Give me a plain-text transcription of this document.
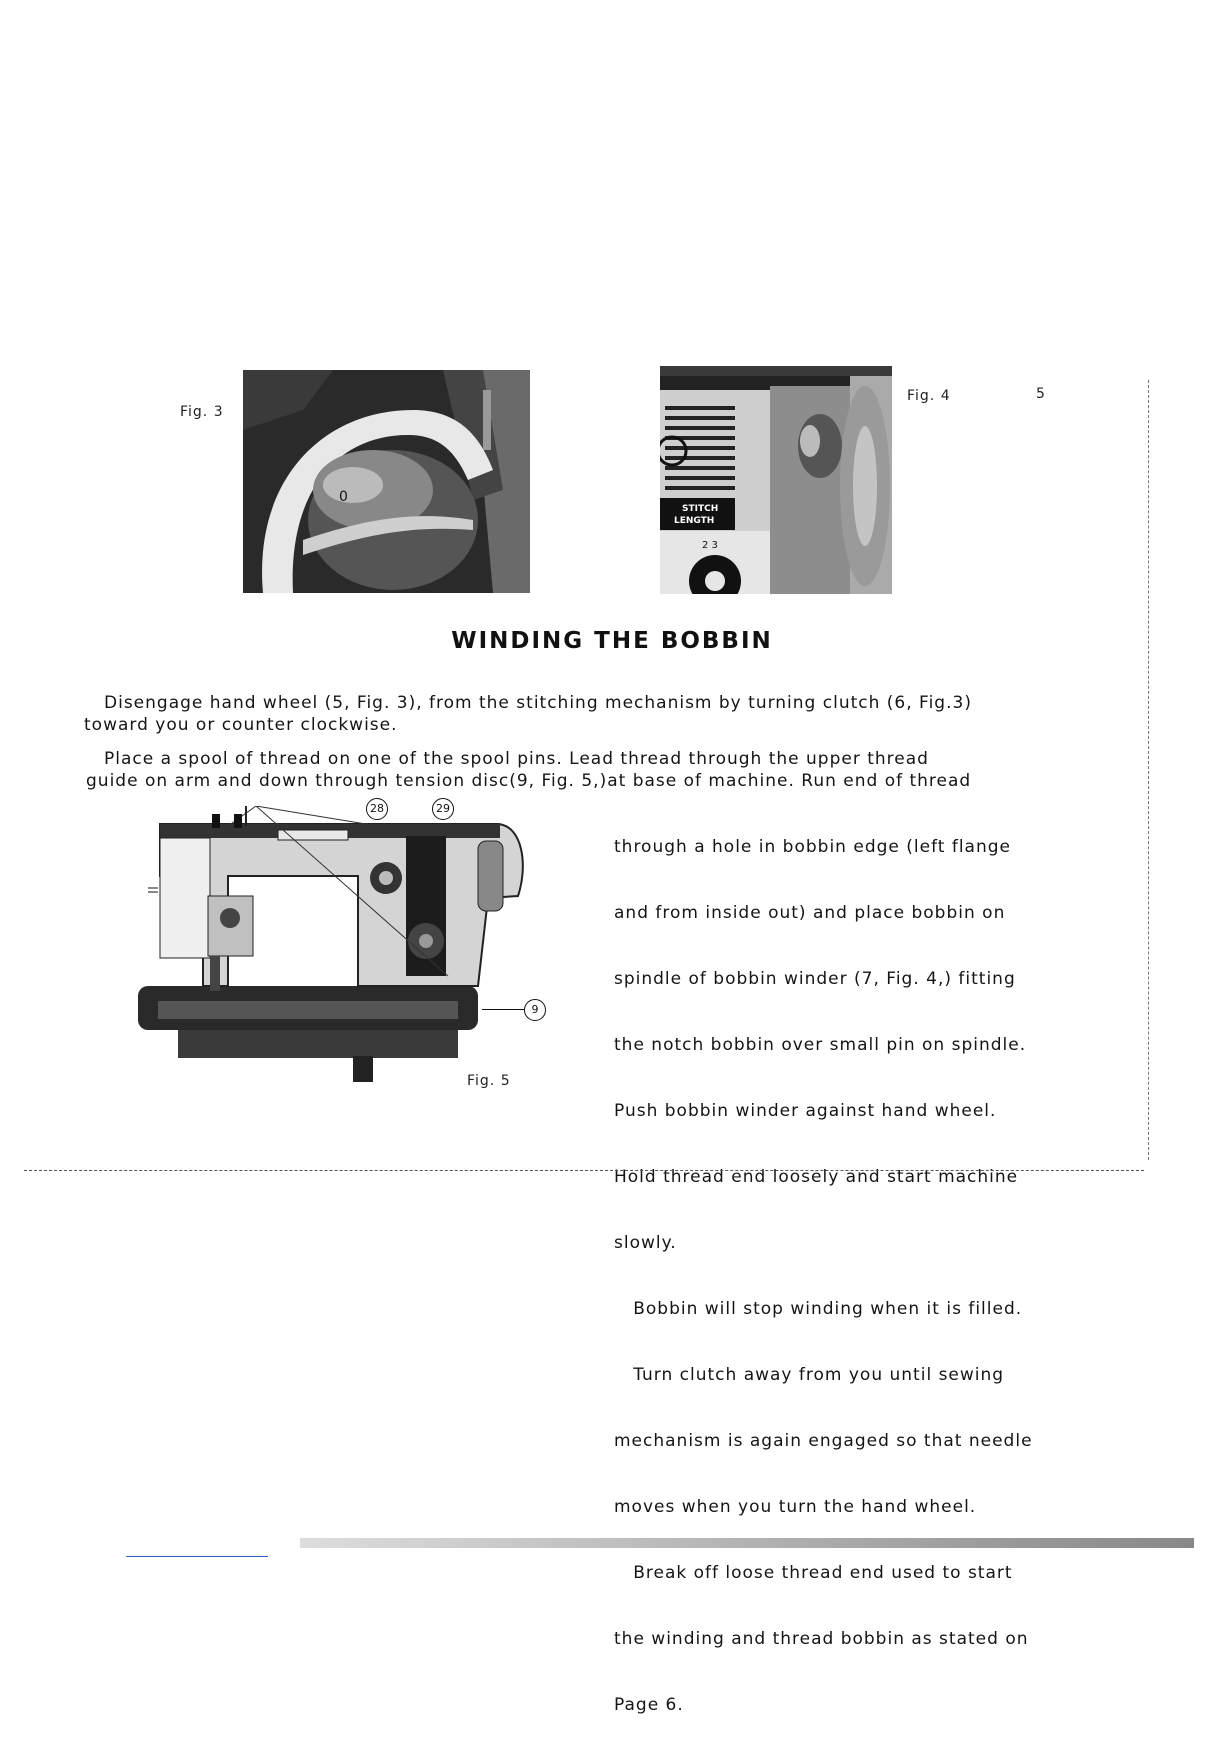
5
Fig. 3
0
STITCH
LENGTH
2 3
Fig. 4
WINDING THE BOBBIN
Disengage hand wheel (5, Fig. 3), from the stitching mechanism by turning clutch (6, Fig.3)
toward you or counter clockwise.
Place a spool of thread on one of the spool pins. Lead thread through the upper thread
guide on arm and down through tension disc(9, Fig. 5,)at base of machine. Run end of thread
28	29
9
Fig. 5

through a hole in bobbin edge (left flange

and from inside out) and place bobbin on

spindle of bobbin winder (7, Fig. 4,) fitting

the notch bobbin over small pin on spindle.

Push bobbin winder against hand wheel.

Hold thread end loosely and start machine

slowly.

Bobbin will stop winding when it is filled.

Turn clutch away from you until sewing

mechanism is again engaged so that needle

moves when you turn the hand wheel.

Break off loose thread end used to start

the winding and thread bobbin as stated on

Page 6.
